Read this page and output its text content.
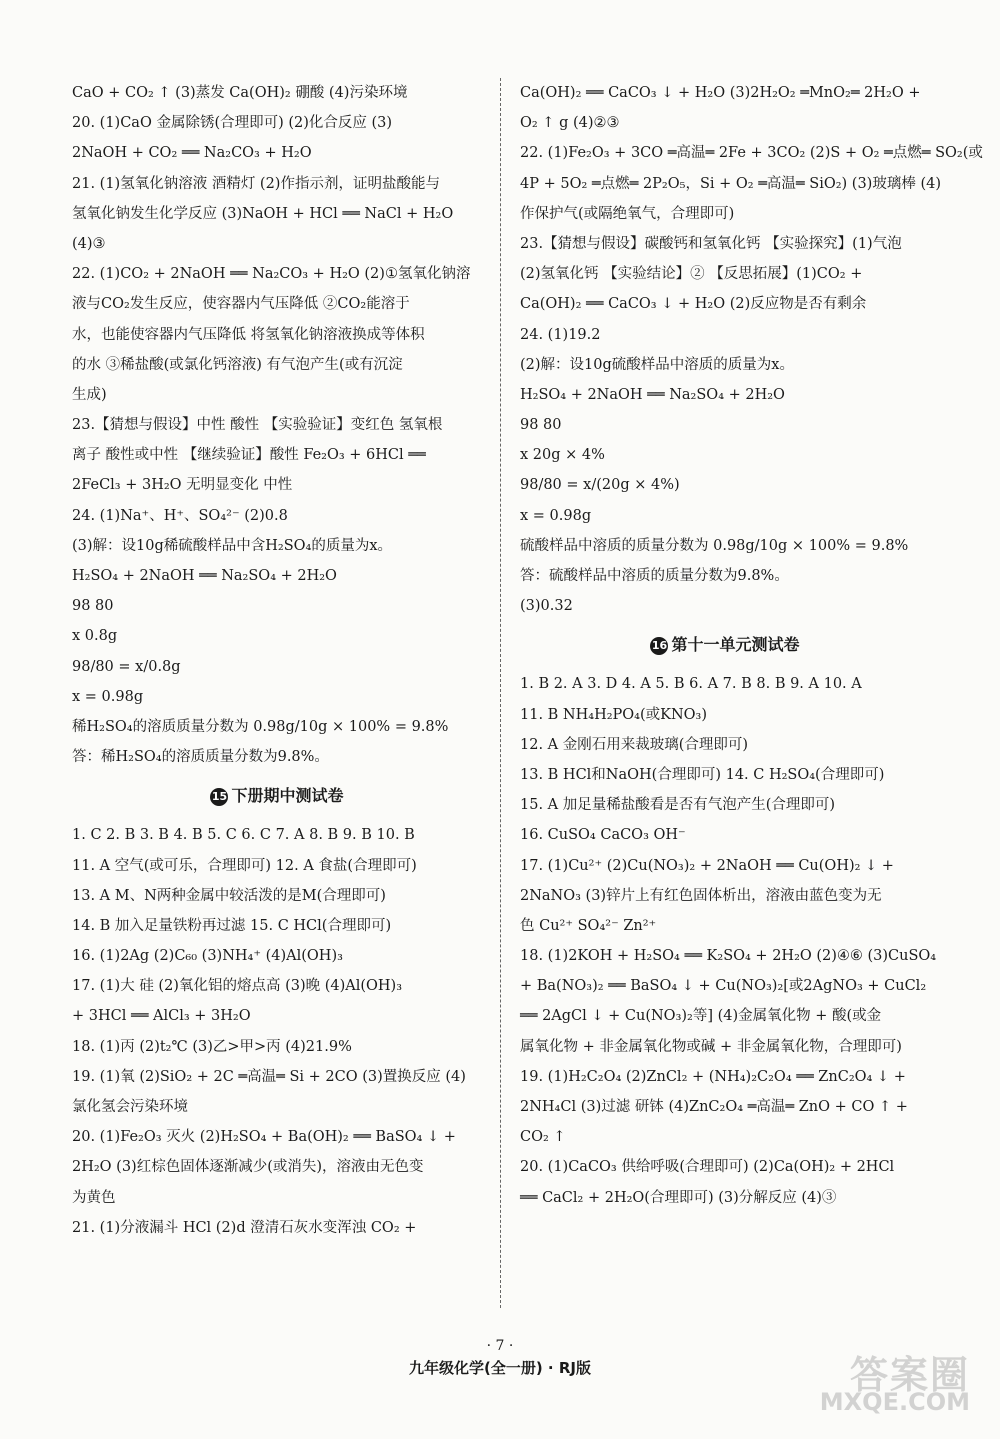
CaO + CO₂ ↑ (3)蒸发 Ca(OH)₂ 硼酸 (4)污染环境
20. (1)CaO 金属除锈(合理即可) (2)化合反应 (3)
2NaOH + CO₂ ══ Na₂CO₃ + H₂O
21. (1)氢氧化钠溶液 酒精灯 (2)作指示剂，证明盐酸能与
氢氧化钠发生化学反应 (3)NaOH + HCl ══ NaCl + H₂O
(4)③
22. (1)CO₂ + 2NaOH ══ Na₂CO₃ + H₂O (2)①氢氧化钠溶
液与CO₂发生反应，使容器内气压降低 ②CO₂能溶于
水，也能使容器内气压降低 将氢氧化钠溶液换成等体积
的水 ③稀盐酸(或氯化钙溶液) 有气泡产生(或有沉淀
生成)
23.【猜想与假设】中性 酸性 【实验验证】变红色 氢氧根
离子 酸性或中性 【继续验证】酸性 Fe₂O₃ + 6HCl ══
2FeCl₃ + 3H₂O 无明显变化 中性
24. (1)Na⁺、H⁺、SO₄²⁻ (2)0.8
(3)解：设10g稀硫酸样品中含H₂SO₄的质量为x。
H₂SO₄ + 2NaOH ══ Na₂SO₄ + 2H₂O
98 80
x 0.8g
98/80 = x/0.8g
x = 0.98g
稀H₂SO₄的溶质质量分数为 0.98g/10g × 100% = 9.8%
答：稀H₂SO₄的溶质质量分数为9.8%。
15 下册期中测试卷
1. C 2. B 3. B 4. B 5. C 6. C 7. A 8. B 9. B 10. B
11. A 空气(或可乐，合理即可) 12. A 食盐(合理即可)
13. A M、N两种金属中较活泼的是M(合理即可)
14. B 加入足量铁粉再过滤 15. C HCl(合理即可)
16. (1)2Ag (2)C₆₀ (3)NH₄⁺ (4)Al(OH)₃
17. (1)大 硅 (2)氧化铝的熔点高 (3)晚 (4)Al(OH)₃
+ 3HCl ══ AlCl₃ + 3H₂O
18. (1)丙 (2)t₂℃ (3)乙>甲>丙 (4)21.9%
19. (1)氧 (2)SiO₂ + 2C ═高温═ Si + 2CO (3)置换反应 (4)
氯化氢会污染环境
20. (1)Fe₂O₃ 灭火 (2)H₂SO₄ + Ba(OH)₂ ══ BaSO₄ ↓ +
2H₂O (3)红棕色固体逐渐减少(或消失)，溶液由无色变
为黄色
21. (1)分液漏斗 HCl (2)d 澄清石灰水变浑浊 CO₂ +
Ca(OH)₂ ══ CaCO₃ ↓ + H₂O (3)2H₂O₂ ═MnO₂═ 2H₂O +
O₂ ↑ g (4)②③
22. (1)Fe₂O₃ + 3CO ═高温═ 2Fe + 3CO₂ (2)S + O₂ ═点燃═ SO₂(或
4P + 5O₂ ═点燃═ 2P₂O₅，Si + O₂ ═高温═ SiO₂) (3)玻璃棒 (4)
作保护气(或隔绝氧气，合理即可)
23.【猜想与假设】碳酸钙和氢氧化钙 【实验探究】(1)气泡
(2)氢氧化钙 【实验结论】② 【反思拓展】(1)CO₂ +
Ca(OH)₂ ══ CaCO₃ ↓ + H₂O (2)反应物是否有剩余
24. (1)19.2
(2)解：设10g硫酸样品中溶质的质量为x。
H₂SO₄ + 2NaOH ══ Na₂SO₄ + 2H₂O
98 80
x 20g × 4%
98/80 = x/(20g × 4%)
x = 0.98g
硫酸样品中溶质的质量分数为 0.98g/10g × 100% = 9.8%
答：硫酸样品中溶质的质量分数为9.8%。
(3)0.32
16 第十一单元测试卷
1. B 2. A 3. D 4. A 5. B 6. A 7. B 8. B 9. A 10. A
11. B NH₄H₂PO₄(或KNO₃)
12. A 金刚石用来裁玻璃(合理即可)
13. B HCl和NaOH(合理即可) 14. C H₂SO₄(合理即可)
15. A 加足量稀盐酸看是否有气泡产生(合理即可)
16. CuSO₄ CaCO₃ OH⁻
17. (1)Cu²⁺ (2)Cu(NO₃)₂ + 2NaOH ══ Cu(OH)₂ ↓ +
2NaNO₃ (3)锌片上有红色固体析出，溶液由蓝色变为无
色 Cu²⁺ SO₄²⁻ Zn²⁺
18. (1)2KOH + H₂SO₄ ══ K₂SO₄ + 2H₂O (2)④⑥ (3)CuSO₄
+ Ba(NO₃)₂ ══ BaSO₄ ↓ + Cu(NO₃)₂[或2AgNO₃ + CuCl₂
══ 2AgCl ↓ + Cu(NO₃)₂等] (4)金属氧化物 + 酸(或金
属氧化物 + 非金属氧化物或碱 + 非金属氧化物，合理即可)
19. (1)H₂C₂O₄ (2)ZnCl₂ + (NH₄)₂C₂O₄ ══ ZnC₂O₄ ↓ +
2NH₄Cl (3)过滤 研钵 (4)ZnC₂O₄ ═高温═ ZnO + CO ↑ +
CO₂ ↑
20. (1)CaCO₃ 供给呼吸(合理即可) (2)Ca(OH)₂ + 2HCl
══ CaCl₂ + 2H₂O(合理即可) (3)分解反应 (4)③
· 7 ·
九年级化学(全一册) · RJ版	答案圈
MXQE.COM
